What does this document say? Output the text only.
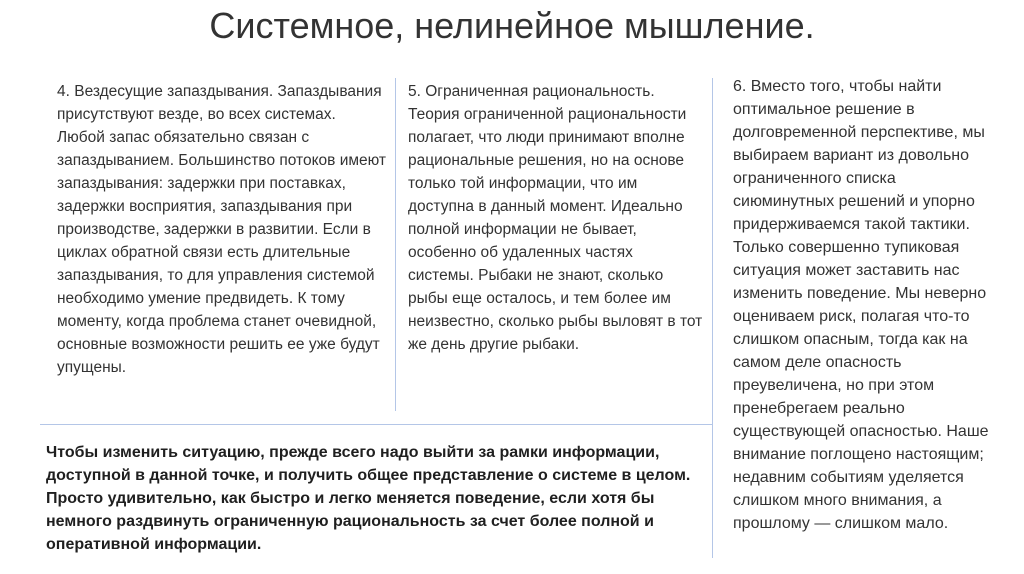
Системное, нелинейное мышление.
4. Вездесущие запаздывания. Запаздывания присутствуют везде, во всех системах. Любой запас обязательно связан с запаздыванием. Большинство потоков имеют запаздывания: задержки при поставках, задержки восприятия, запаздывания при производстве, задержки в развитии. Если в циклах обратной связи есть длительные запаздывания, то для управления системой необходимо умение предвидеть. К тому моменту, когда проблема станет очевидной, основные возможности решить ее уже будут упущены.
5. Ограниченная рациональность. Теория ограниченной рациональности полагает, что люди принимают вполне рациональные решения, но на основе только той информации, что им доступна в данный момент. Идеально полной информации не бывает, особенно об удаленных частях системы. Рыбаки не знают, сколько рыбы еще осталось, и тем более им неизвестно, сколько рыбы выловят в тот же день другие рыбаки.
6. Вместо того, чтобы найти оптимальное решение в долговременной перспективе, мы выбираем вариант из довольно ограниченного списка сиюминутных решений и упорно придерживаемся такой тактики. Только совершенно тупиковая ситуация может заставить нас изменить поведение. Мы неверно оцениваем риск, полагая что-то слишком опасным, тогда как на самом деле опасность преувеличена, но при этом пренебрегаем реально существующей опасностью. Наше внимание поглощено настоящим; недавним событиям уделяется слишком много внимания, а прошлому — слишком мало.
Чтобы изменить ситуацию, прежде всего надо выйти за рамки информации, доступной в данной точке, и получить общее представление о системе в целом. Просто удивительно, как быстро и легко меняется поведение, если хотя бы немного раздвинуть ограниченную рациональность за счет более полной и оперативной информации.
